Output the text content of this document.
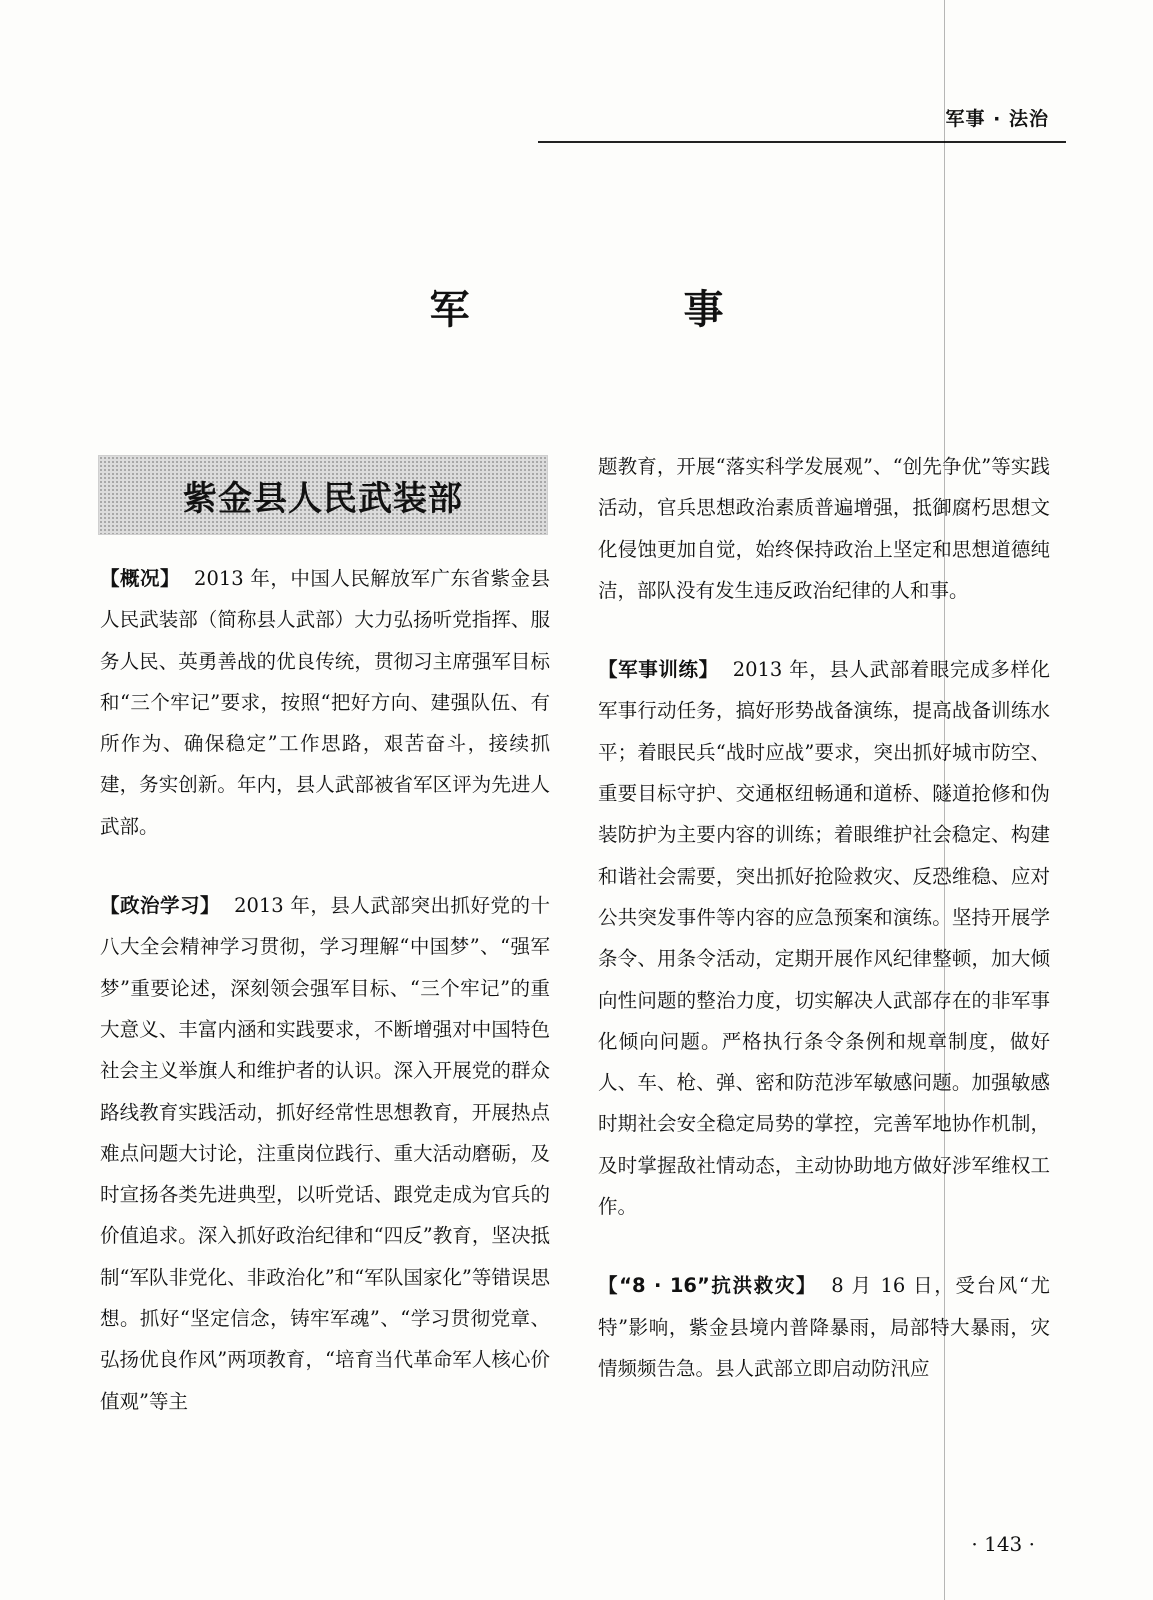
军事 · 法治
军 事
紫金县人民武装部

【概况】 2013 年，中国人民解放军广东省紫金县人民武装部（简称县人武部）大力弘扬听党指挥、服务人民、英勇善战的优良传统，贯彻习主席强军目标和“三个牢记”要求，按照“把好方向、建强队伍、有所作为、确保稳定”工作思路，艰苦奋斗，接续抓建，务实创新。年内，县人武部被省军区评为先进人武部。

【政治学习】 2013 年，县人武部突出抓好党的十八大全会精神学习贯彻，学习理解“中国梦”、“强军梦”重要论述，深刻领会强军目标、“三个牢记”的重大意义、丰富内涵和实践要求，不断增强对中国特色社会主义举旗人和维护者的认识。深入开展党的群众路线教育实践活动，抓好经常性思想教育，开展热点难点问题大讨论，注重岗位践行、重大活动磨砺，及时宣扬各类先进典型，以听党话、跟党走成为官兵的价值追求。深入抓好政治纪律和“四反”教育，坚决抵制“军队非党化、非政治化”和“军队国家化”等错误思想。抓好“坚定信念，铸牢军魂”、“学习贯彻党章、弘扬优良作风”两项教育，“培育当代革命军人核心价值观”等主

题教育，开展“落实科学发展观”、“创先争优”等实践活动，官兵思想政治素质普遍增强，抵御腐朽思想文化侵蚀更加自觉，始终保持政治上坚定和思想道德纯洁，部队没有发生违反政治纪律的人和事。

【军事训练】 2013 年，县人武部着眼完成多样化军事行动任务，搞好形势战备演练，提高战备训练水平；着眼民兵“战时应战”要求，突出抓好城市防空、重要目标守护、交通枢纽畅通和道桥、隧道抢修和伪装防护为主要内容的训练；着眼维护社会稳定、构建和谐社会需要，突出抓好抢险救灾、反恐维稳、应对公共突发事件等内容的应急预案和演练。坚持开展学条令、用条令活动，定期开展作风纪律整顿，加大倾向性问题的整治力度，切实解决人武部存在的非军事化倾向问题。严格执行条令条例和规章制度，做好人、车、枪、弹、密和防范涉军敏感问题。加强敏感时期社会安全稳定局势的掌控，完善军地协作机制，及时掌握敌社情动态，主动协助地方做好涉军维权工作。

【“8 · 16”抗洪救灾】 8 月 16 日，受台风“尤特”影响，紫金县境内普降暴雨，局部特大暴雨，灾情频频告急。县人武部立即启动防汛应

· 143 ·
